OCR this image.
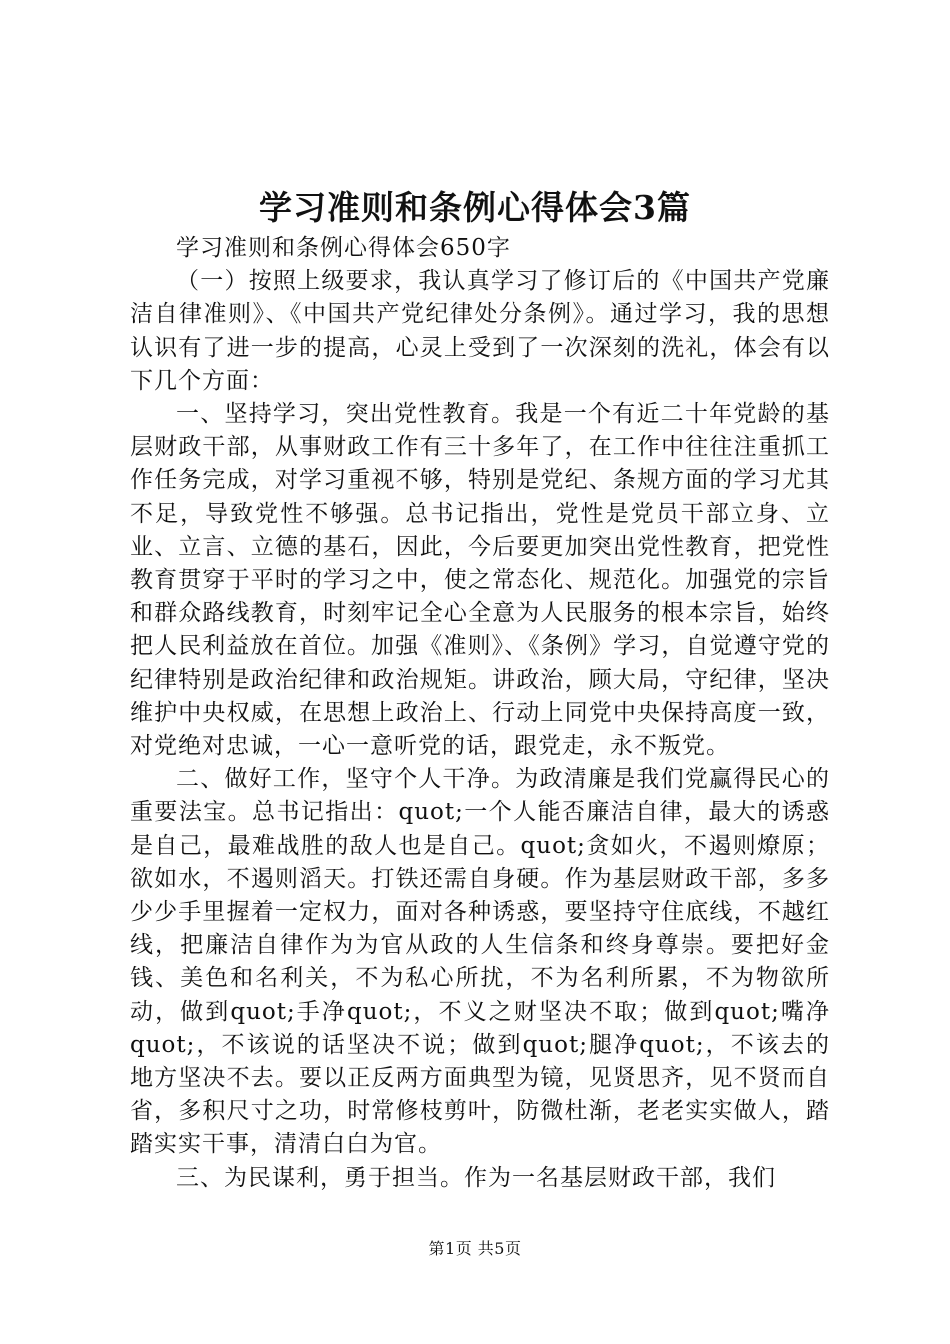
学习准则和条例心得体会3篇

学习准则和条例心得体会650字

（一）按照上级要求，我认真学习了修订后的《中国共产党廉洁自律准则》、《中国共产党纪律处分条例》。通过学习，我的思想认识有了进一步的提高，心灵上受到了一次深刻的洗礼，体会有以下几个方面：

一、坚持学习，突出党性教育。我是一个有近二十年党龄的基层财政干部，从事财政工作有三十多年了，在工作中往往注重抓工作任务完成，对学习重视不够，特别是党纪、条规方面的学习尤其不足，导致党性不够强。总书记指出，党性是党员干部立身、立业、立言、立德的基石，因此，今后要更加突出党性教育，把党性教育贯穿于平时的学习之中，使之常态化、规范化。加强党的宗旨和群众路线教育，时刻牢记全心全意为人民服务的根本宗旨，始终把人民利益放在首位。加强《准则》、《条例》学习，自觉遵守党的纪律特别是政治纪律和政治规矩。讲政治，顾大局，守纪律，坚决维护中央权威，在思想上政治上、行动上同党中央保持高度一致，对党绝对忠诚，一心一意听党的话，跟党走，永不叛党。

二、做好工作，坚守个人干净。为政清廉是我们党赢得民心的重要法宝。总书记指出：quot;一个人能否廉洁自律，最大的诱惑是自己，最难战胜的敌人也是自己。quot;贪如火，不遏则燎原；欲如水，不遏则滔天。打铁还需自身硬。作为基层财政干部，多多少少手里握着一定权力，面对各种诱惑，要坚持守住底线，不越红线，把廉洁自律作为为官从政的人生信条和终身尊崇。要把好金钱、美色和名利关，不为私心所扰，不为名利所累，不为物欲所动，做到quot;手净quot;，不义之财坚决不取；做到quot;嘴净quot;，不该说的话坚决不说；做到quot;腿净quot;，不该去的地方坚决不去。要以正反两方面典型为镜，见贤思齐，见不贤而自省，多积尺寸之功，时常修枝剪叶，防微杜渐，老老实实做人，踏踏实实干事，清清白白为官。

三、为民谋利，勇于担当。作为一名基层财政干部，我们

第1页 共5页
